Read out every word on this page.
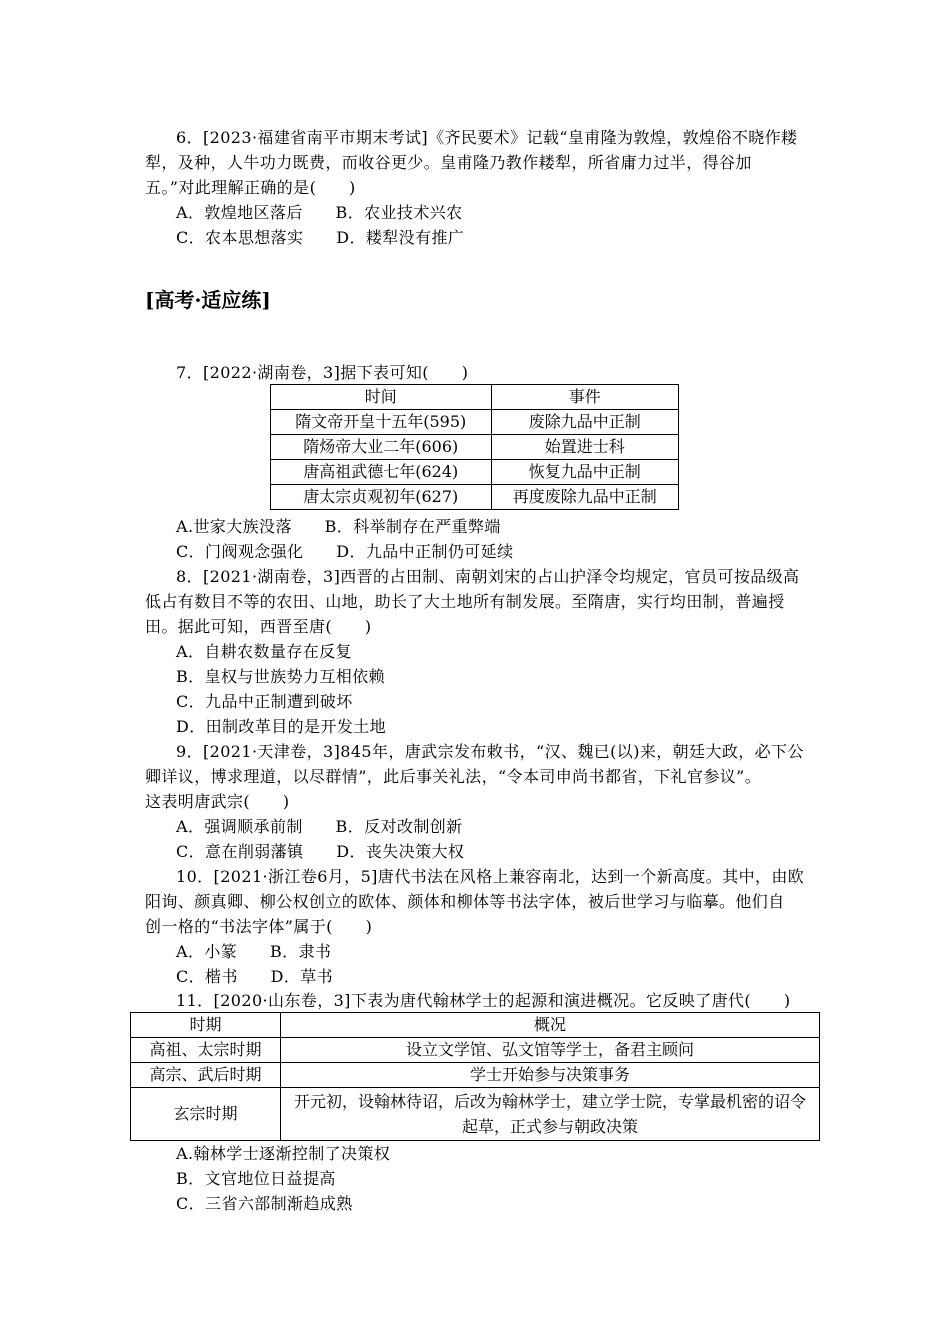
6．[2023·福建省南平市期末考试]《齐民要术》记载“皇甫隆为敦煌，敦煌俗不晓作耧
犁，及种，人牛功力既费，而收谷更少。皇甫隆乃教作耧犁，所省庸力过半，得谷加
五。”对此理解正确的是(　　)
A．敦煌地区落后　　B．农业技术兴农
C．农本思想落实　　D．耧犁没有推广
[高考·适应练]
7．[2022·湖南卷，3]据下表可知(　　)
时间	事件
隋文帝开皇十五年(595)	废除九品中正制
隋炀帝大业二年(606)	始置进士科
唐高祖武德七年(624)	恢复九品中正制
唐太宗贞观初年(627)	再度废除九品中正制
A.世家大族没落　　B．科举制存在严重弊端
C．门阀观念强化　　D．九品中正制仍可延续
8．[2021·湖南卷，3]西晋的占田制、南朝刘宋的占山护泽令均规定，官员可按品级高
低占有数目不等的农田、山地，助长了大土地所有制发展。至隋唐，实行均田制，普遍授
田。据此可知，西晋至唐(　　)
A．自耕农数量存在反复
B．皇权与世族势力互相依赖
C．九品中正制遭到破坏
D．田制改革目的是开发土地
9．[2021·天津卷，3]845年，唐武宗发布敕书，“汉、魏已(以)来，朝廷大政，必下公
卿详议，博求理道，以尽群情”，此后事关礼法，“令本司申尚书都省，下礼官参议”。
这表明唐武宗(　　)
A．强调顺承前制　　B．反对改制创新
C．意在削弱藩镇　　D．丧失决策大权
10．[2021·浙江卷6月，5]唐代书法在风格上兼容南北，达到一个新高度。其中，由欧
阳询、颜真卿、柳公权创立的欧体、颜体和柳体等书法字体，被后世学习与临摹。他们自
创一格的“书法字体”属于(　　)
A．小篆　　B．隶书
C．楷书　　D．草书
11．[2020·山东卷，3]下表为唐代翰林学士的起源和演进概况。它反映了唐代(　　)
时期	概况
高祖、太宗时期	设立文学馆、弘文馆等学士，备君主顾问
高宗、武后时期	学士开始参与决策事务
玄宗时期	开元初，设翰林待诏，后改为翰林学士，建立学士院，专掌最机密的诏令起草，正式参与朝政决策
A.翰林学士逐渐控制了决策权
B．文官地位日益提高
C．三省六部制渐趋成熟
